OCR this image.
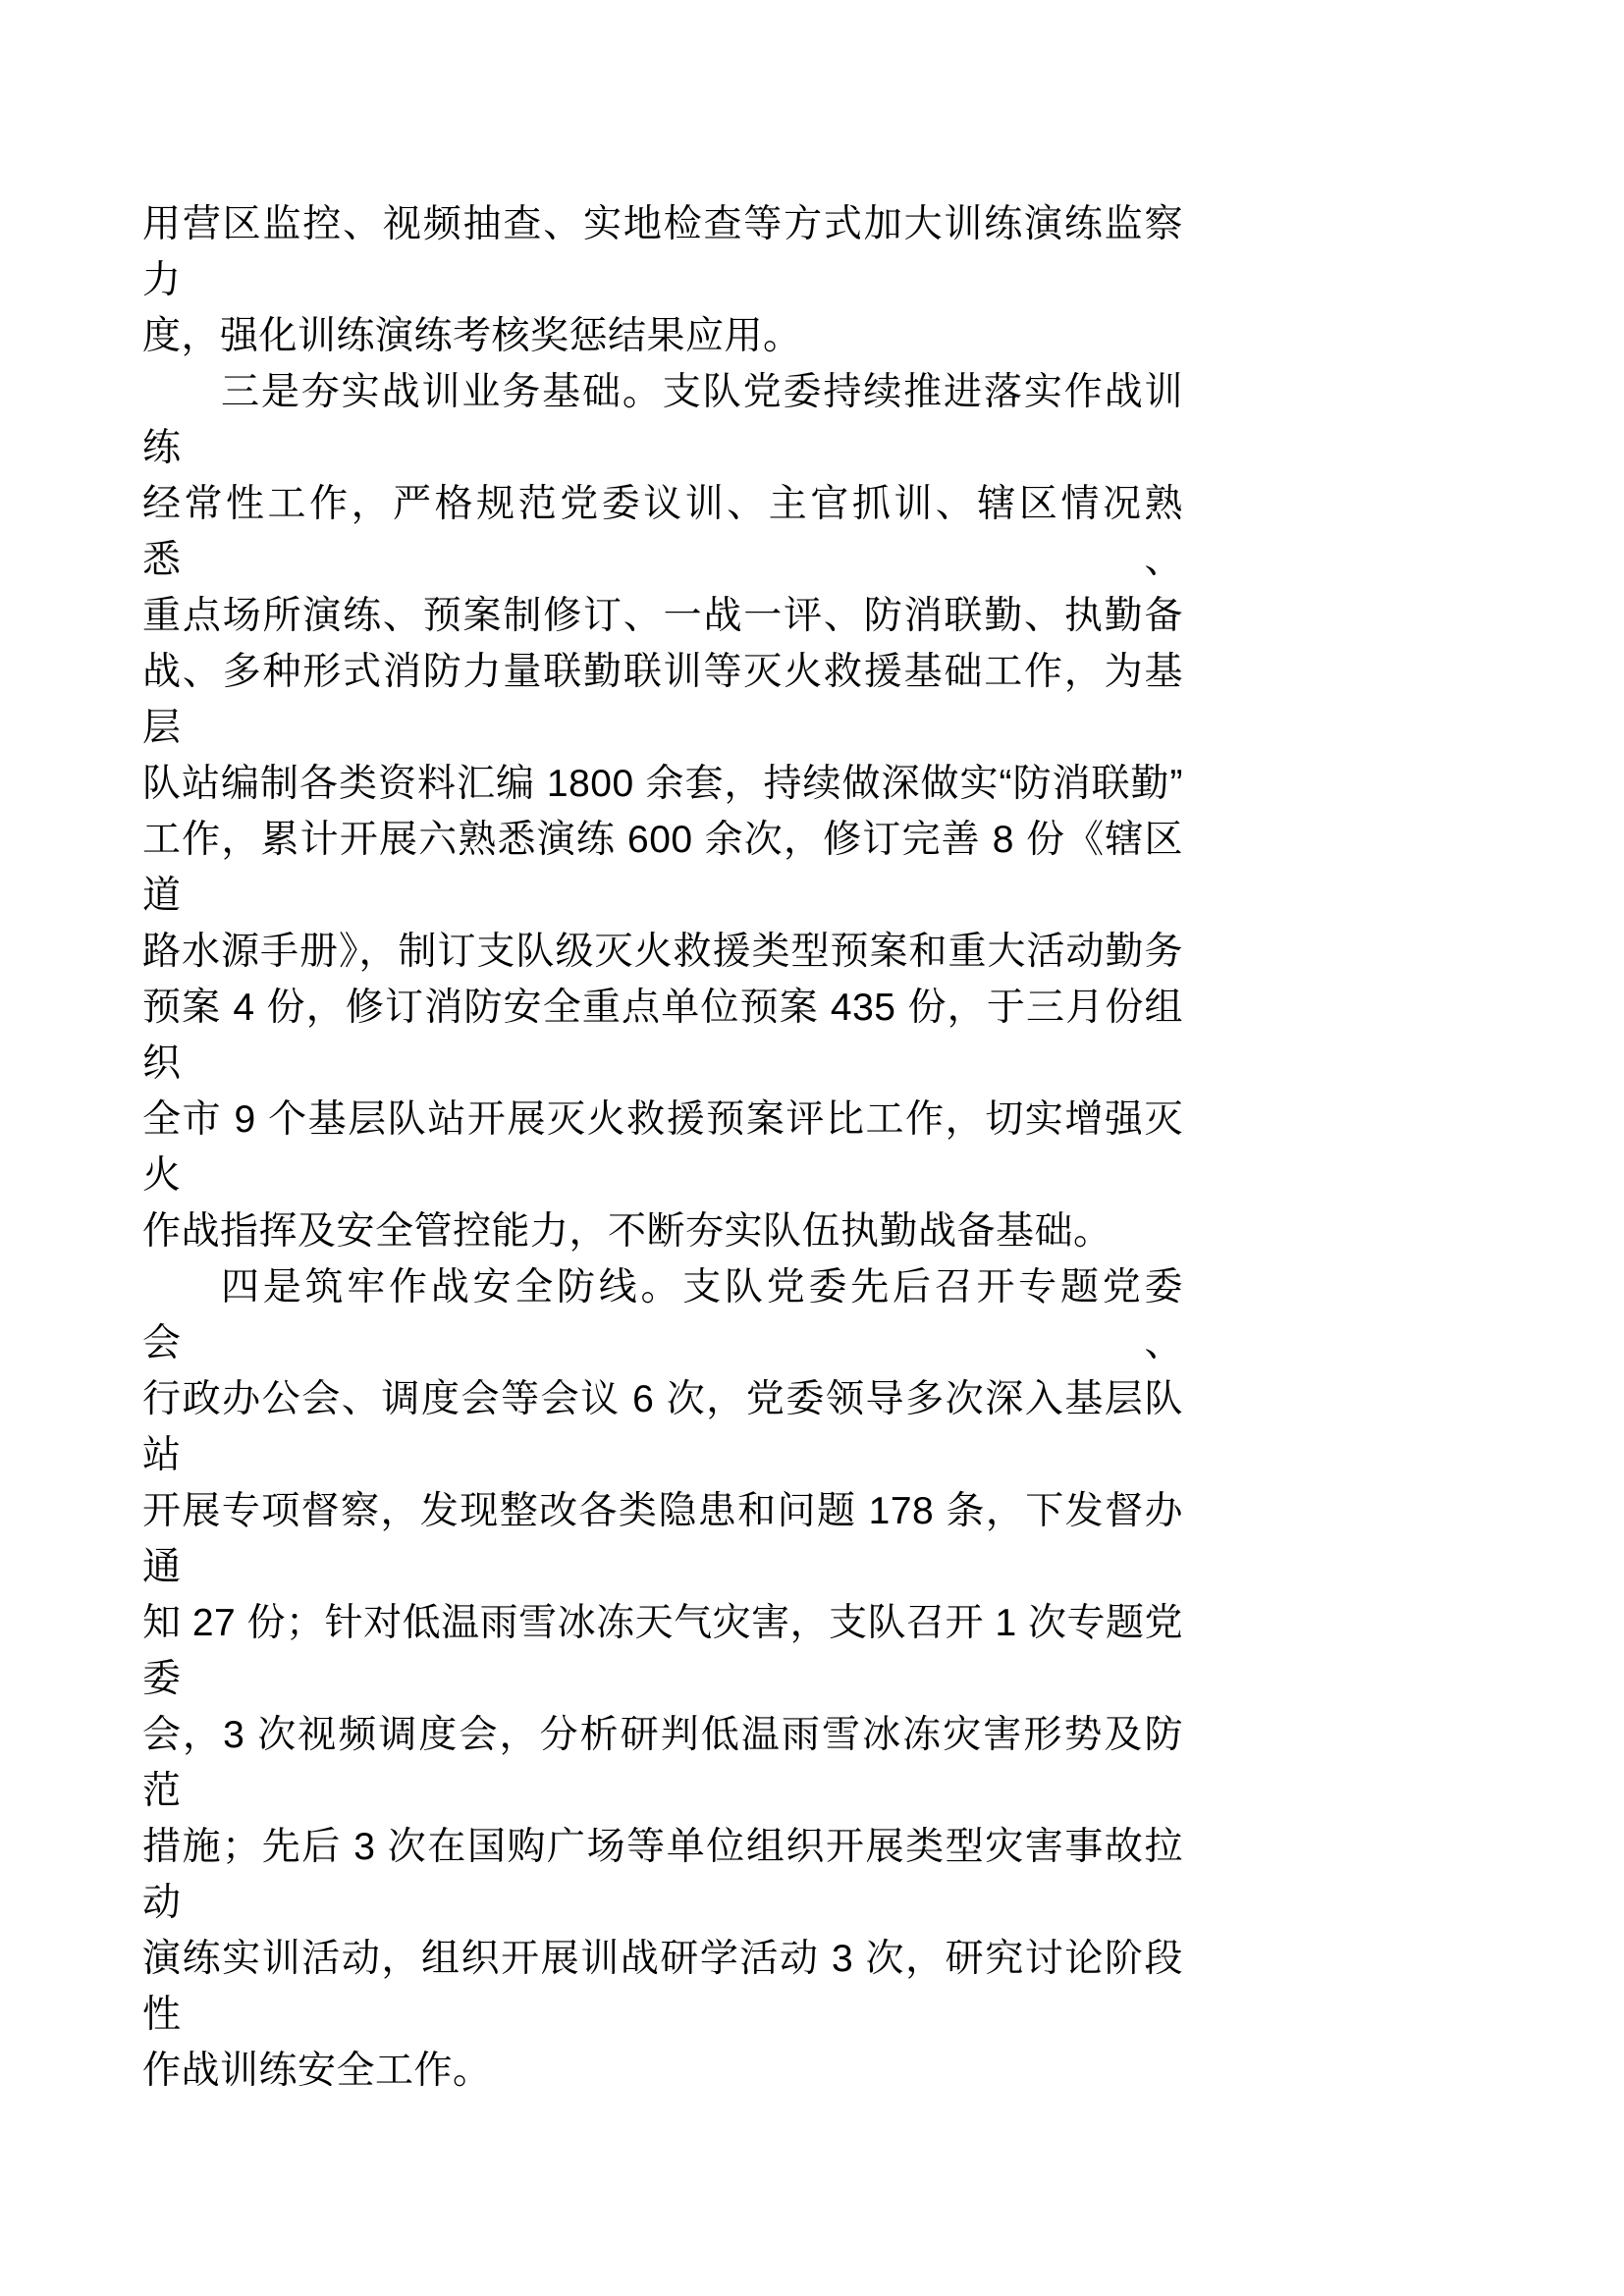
用营区监控、视频抽查、实地检查等方式加大训练演练监察力
度，强化训练演练考核奖惩结果应用。
三是夯实战训业务基础。支队党委持续推进落实作战训练
经常性工作，严格规范党委议训、主官抓训、辖区情况熟悉、
重点场所演练、预案制修订、一战一评、防消联勤、执勤备
战、多种形式消防力量联勤联训等灭火救援基础工作，为基层
队站编制各类资料汇编 1800 余套，持续做深做实“防消联勤”
工作，累计开展六熟悉演练 600 余次，修订完善 8 份《辖区道
路水源手册》，制订支队级灭火救援类型预案和重大活动勤务
预案 4 份，修订消防安全重点单位预案 435 份，于三月份组织
全市 9 个基层队站开展灭火救援预案评比工作，切实增强灭火
作战指挥及安全管控能力，不断夯实队伍执勤战备基础。
四是筑牢作战安全防线。支队党委先后召开专题党委会、
行政办公会、调度会等会议 6 次，党委领导多次深入基层队站
开展专项督察，发现整改各类隐患和问题 178 条，下发督办通
知 27 份；针对低温雨雪冰冻天气灾害，支队召开 1 次专题党委
会，3 次视频调度会，分析研判低温雨雪冰冻灾害形势及防范
措施；先后 3 次在国购广场等单位组织开展类型灾害事故拉动
演练实训活动，组织开展训战研学活动 3 次，研究讨论阶段性
作战训练安全工作。
